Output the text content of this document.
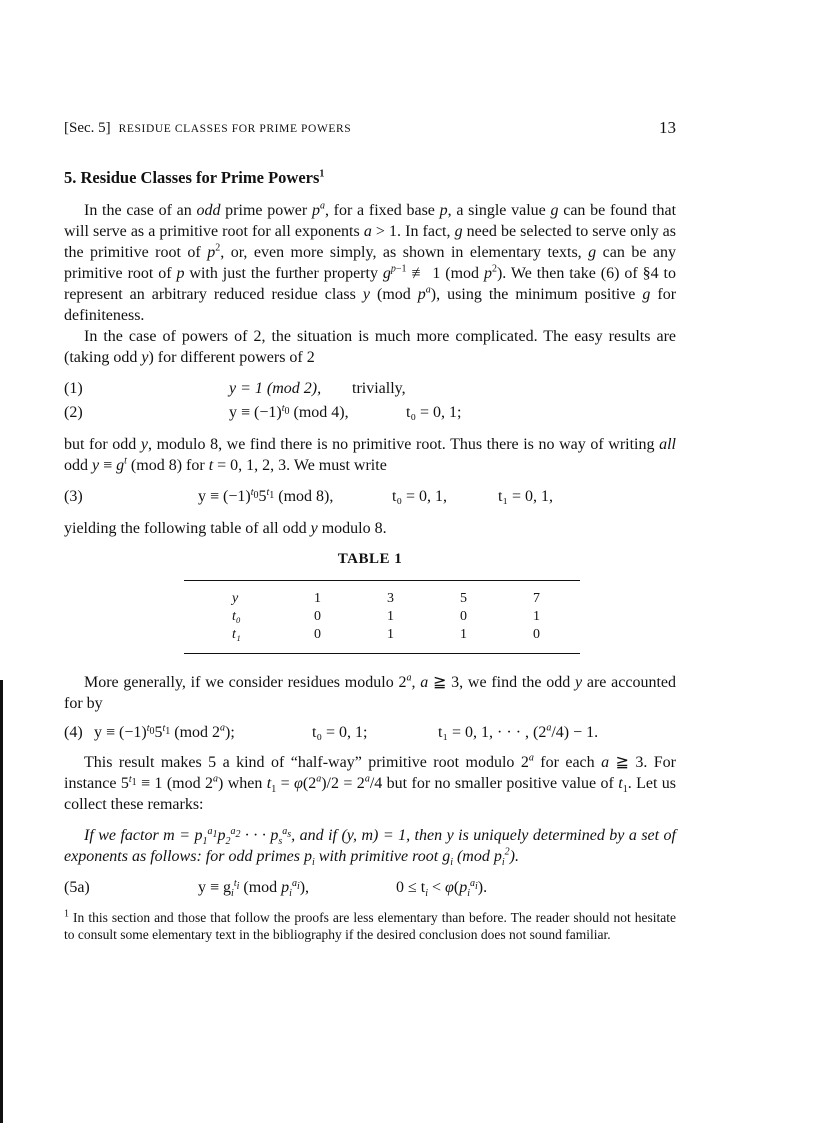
[Sec. 5] RESIDUE CLASSES FOR PRIME POWERS	13
5. Residue Classes for Prime Powers$^1$

In the case of an odd prime power $p^a$, for a fixed base p, a single value g can be found that will serve as a primitive root for all exponents a > 1. In fact, g need be selected to serve only as the primitive root of $p^2$, or, even more simply, as shown in elementary texts, g can be any primitive root of p with just the further property $g^{p-1}$ ≢ 1 (mod $p^2$). We then take (6) of §4 to represent an arbitrary reduced residue class y (mod $p^a$), using the minimum positive g for definiteness.

In the case of powers of 2, the situation is much more complicated. The easy results are (taking odd y) for different powers of 2

(1)	y = 1 (mod 2), trivially,
(2)	$y \equiv (-1)^{t_0}$ (mod 4),	t₀ = 0, 1;

but for odd y, modulo 8, we find there is no primitive root. Thus there is no way of writing all odd $y \equiv g^t$ (mod 8) for t = 0, 1, 2, 3. We must write

(3)	$y \equiv (-1)^{t_0}5^{t_1}$ (mod 8),	t₀ = 0, 1,	t₁ = 0, 1,

yielding the following table of all odd y modulo 8.

TABLE 1
y	1	3	5	7
t₀	0	1	0	1
t₁	0	1	1	0

More generally, if we consider residues modulo 2$^a$, a ≧ 3, we find the odd y are accounted for by

(4) $y \equiv (-1)^{t_0}5^{t_1}$ (mod 2$^a$);	t₀ = 0, 1;	t₁ = 0, 1, · · · , $(2^a/4) - 1$.

This result makes 5 a kind of “half-way” primitive root modulo 2$^a$ for each a ≧ 3. For instance $5^{t_1} \equiv 1$ (mod 2$^a$) when $t_1 = \varphi(2^a)/2 = 2^a/4$ but for no smaller positive value of $t_1$. Let us collect these remarks:

If we factor $m = p_1^{a_1}p_2^{a_2}$ · · · $p_s^{a_s}$, and if (y, m) = 1, then y is uniquely determined by a set of exponents as follows: for odd primes $p_i$ with primitive root $g_i$ (mod $p_i^2$).

(5a)	$y \equiv g_i^{t_i}$ (mod $p_i^{a_i}$),	$0 \le t_i < \varphi(p_i^{a_i})$.

$^1$ In this section and those that follow the proofs are less elementary than before. The reader should not hesitate to consult some elementary text in the bibliography if the desired conclusion does not sound familiar.
